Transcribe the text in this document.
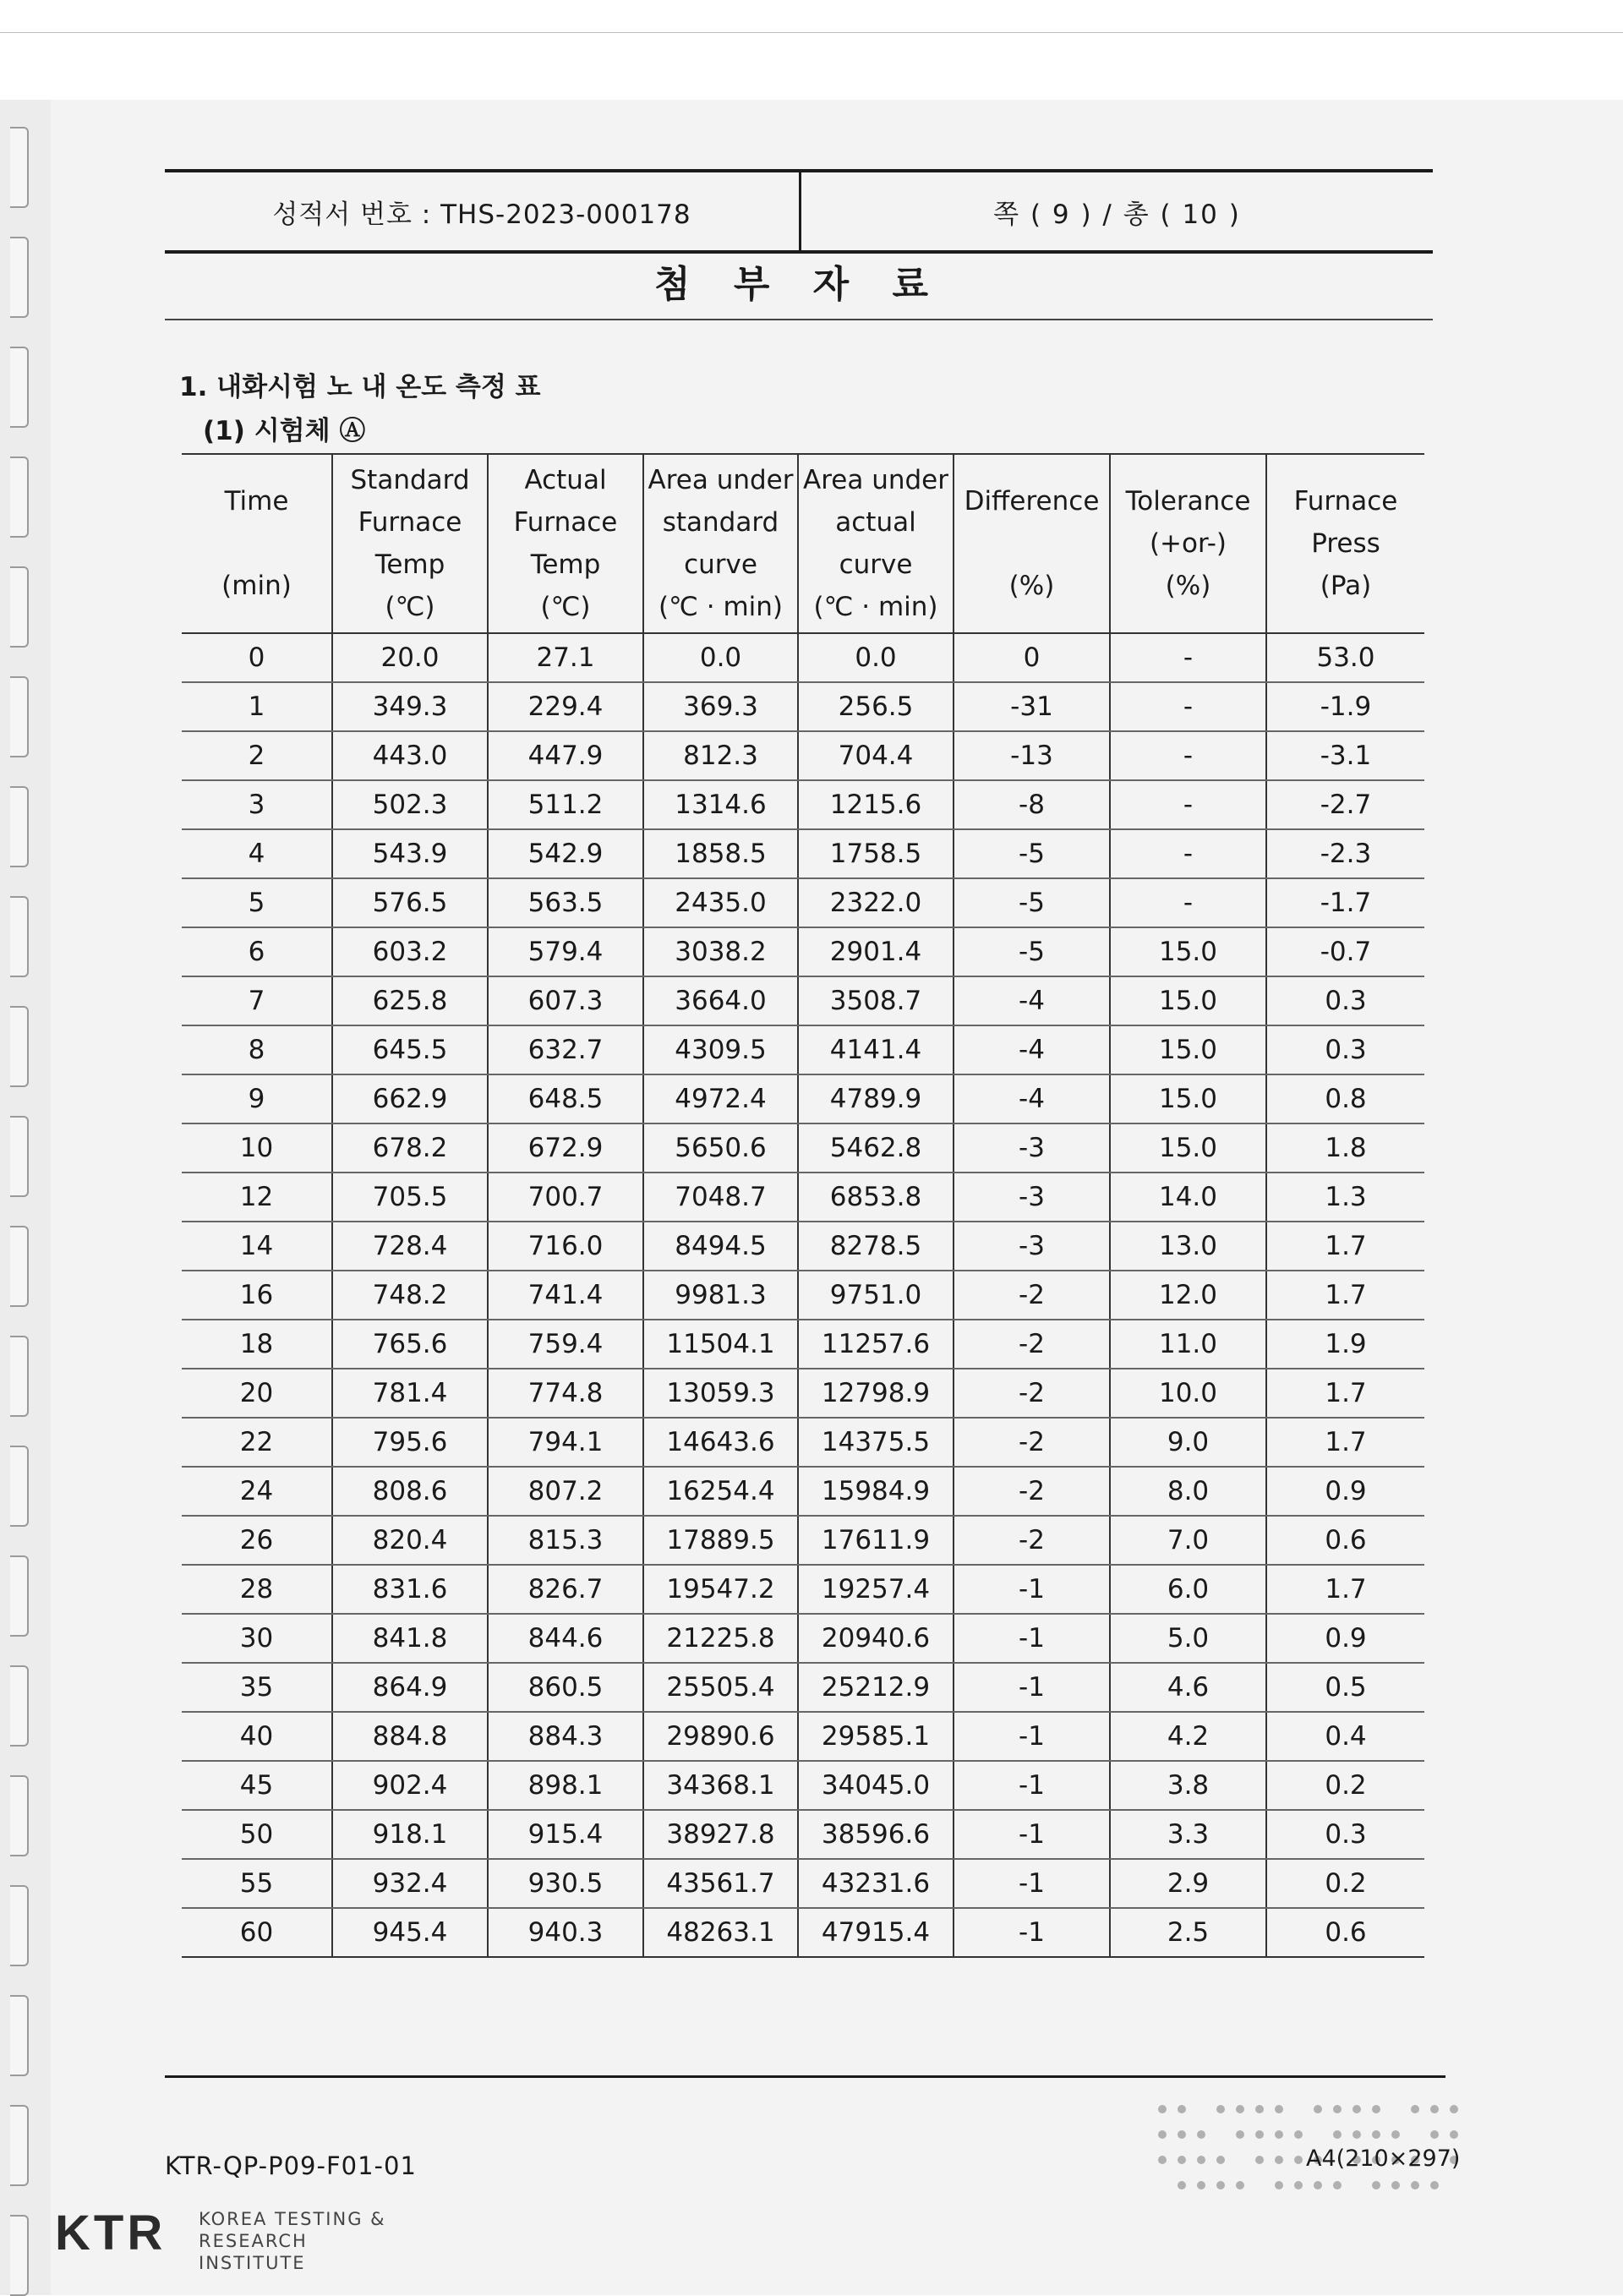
성적서 번호 : THS-2023-000178	쪽 ( 9 ) / 총 ( 10 )
첨 부 자 료
1. 내화시험 노 내 온도 측정 표
(1) 시험체 Ⓐ
Time
(min)	Standard
Furnace
Temp
(℃)	Actual
Furnace
Temp
(℃)	Area under
standard
curve
(℃ · min)	Area under
actual
curve
(℃ · min)	Difference
(%)	Tolerance
(+or-)
(%)	Furnace
Press
(Pa)

0	20.0	27.1	0.0	0.0	0	-	53.0
1	349.3	229.4	369.3	256.5	-31	-	-1.9
2	443.0	447.9	812.3	704.4	-13	-	-3.1
3	502.3	511.2	1314.6	1215.6	-8	-	-2.7
4	543.9	542.9	1858.5	1758.5	-5	-	-2.3
5	576.5	563.5	2435.0	2322.0	-5	-	-1.7
6	603.2	579.4	3038.2	2901.4	-5	15.0	-0.7
7	625.8	607.3	3664.0	3508.7	-4	15.0	0.3
8	645.5	632.7	4309.5	4141.4	-4	15.0	0.3
9	662.9	648.5	4972.4	4789.9	-4	15.0	0.8
10	678.2	672.9	5650.6	5462.8	-3	15.0	1.8
12	705.5	700.7	7048.7	6853.8	-3	14.0	1.3
14	728.4	716.0	8494.5	8278.5	-3	13.0	1.7
16	748.2	741.4	9981.3	9751.0	-2	12.0	1.7
18	765.6	759.4	11504.1	11257.6	-2	11.0	1.9
20	781.4	774.8	13059.3	12798.9	-2	10.0	1.7
22	795.6	794.1	14643.6	14375.5	-2	9.0	1.7
24	808.6	807.2	16254.4	15984.9	-2	8.0	0.9
26	820.4	815.3	17889.5	17611.9	-2	7.0	0.6
28	831.6	826.7	19547.2	19257.4	-1	6.0	1.7
30	841.8	844.6	21225.8	20940.6	-1	5.0	0.9
35	864.9	860.5	25505.4	25212.9	-1	4.6	0.5
40	884.8	884.3	29890.6	29585.1	-1	4.2	0.4
45	902.4	898.1	34368.1	34045.0	-1	3.8	0.2
50	918.1	915.4	38927.8	38596.6	-1	3.3	0.3
55	932.4	930.5	43561.7	43231.6	-1	2.9	0.2
60	945.4	940.3	48263.1	47915.4	-1	2.5	0.6
KTR-QP-P09-F01-01	A4(210×297)
KTR KOREA TESTING &
RESEARCH INSTITUTE
